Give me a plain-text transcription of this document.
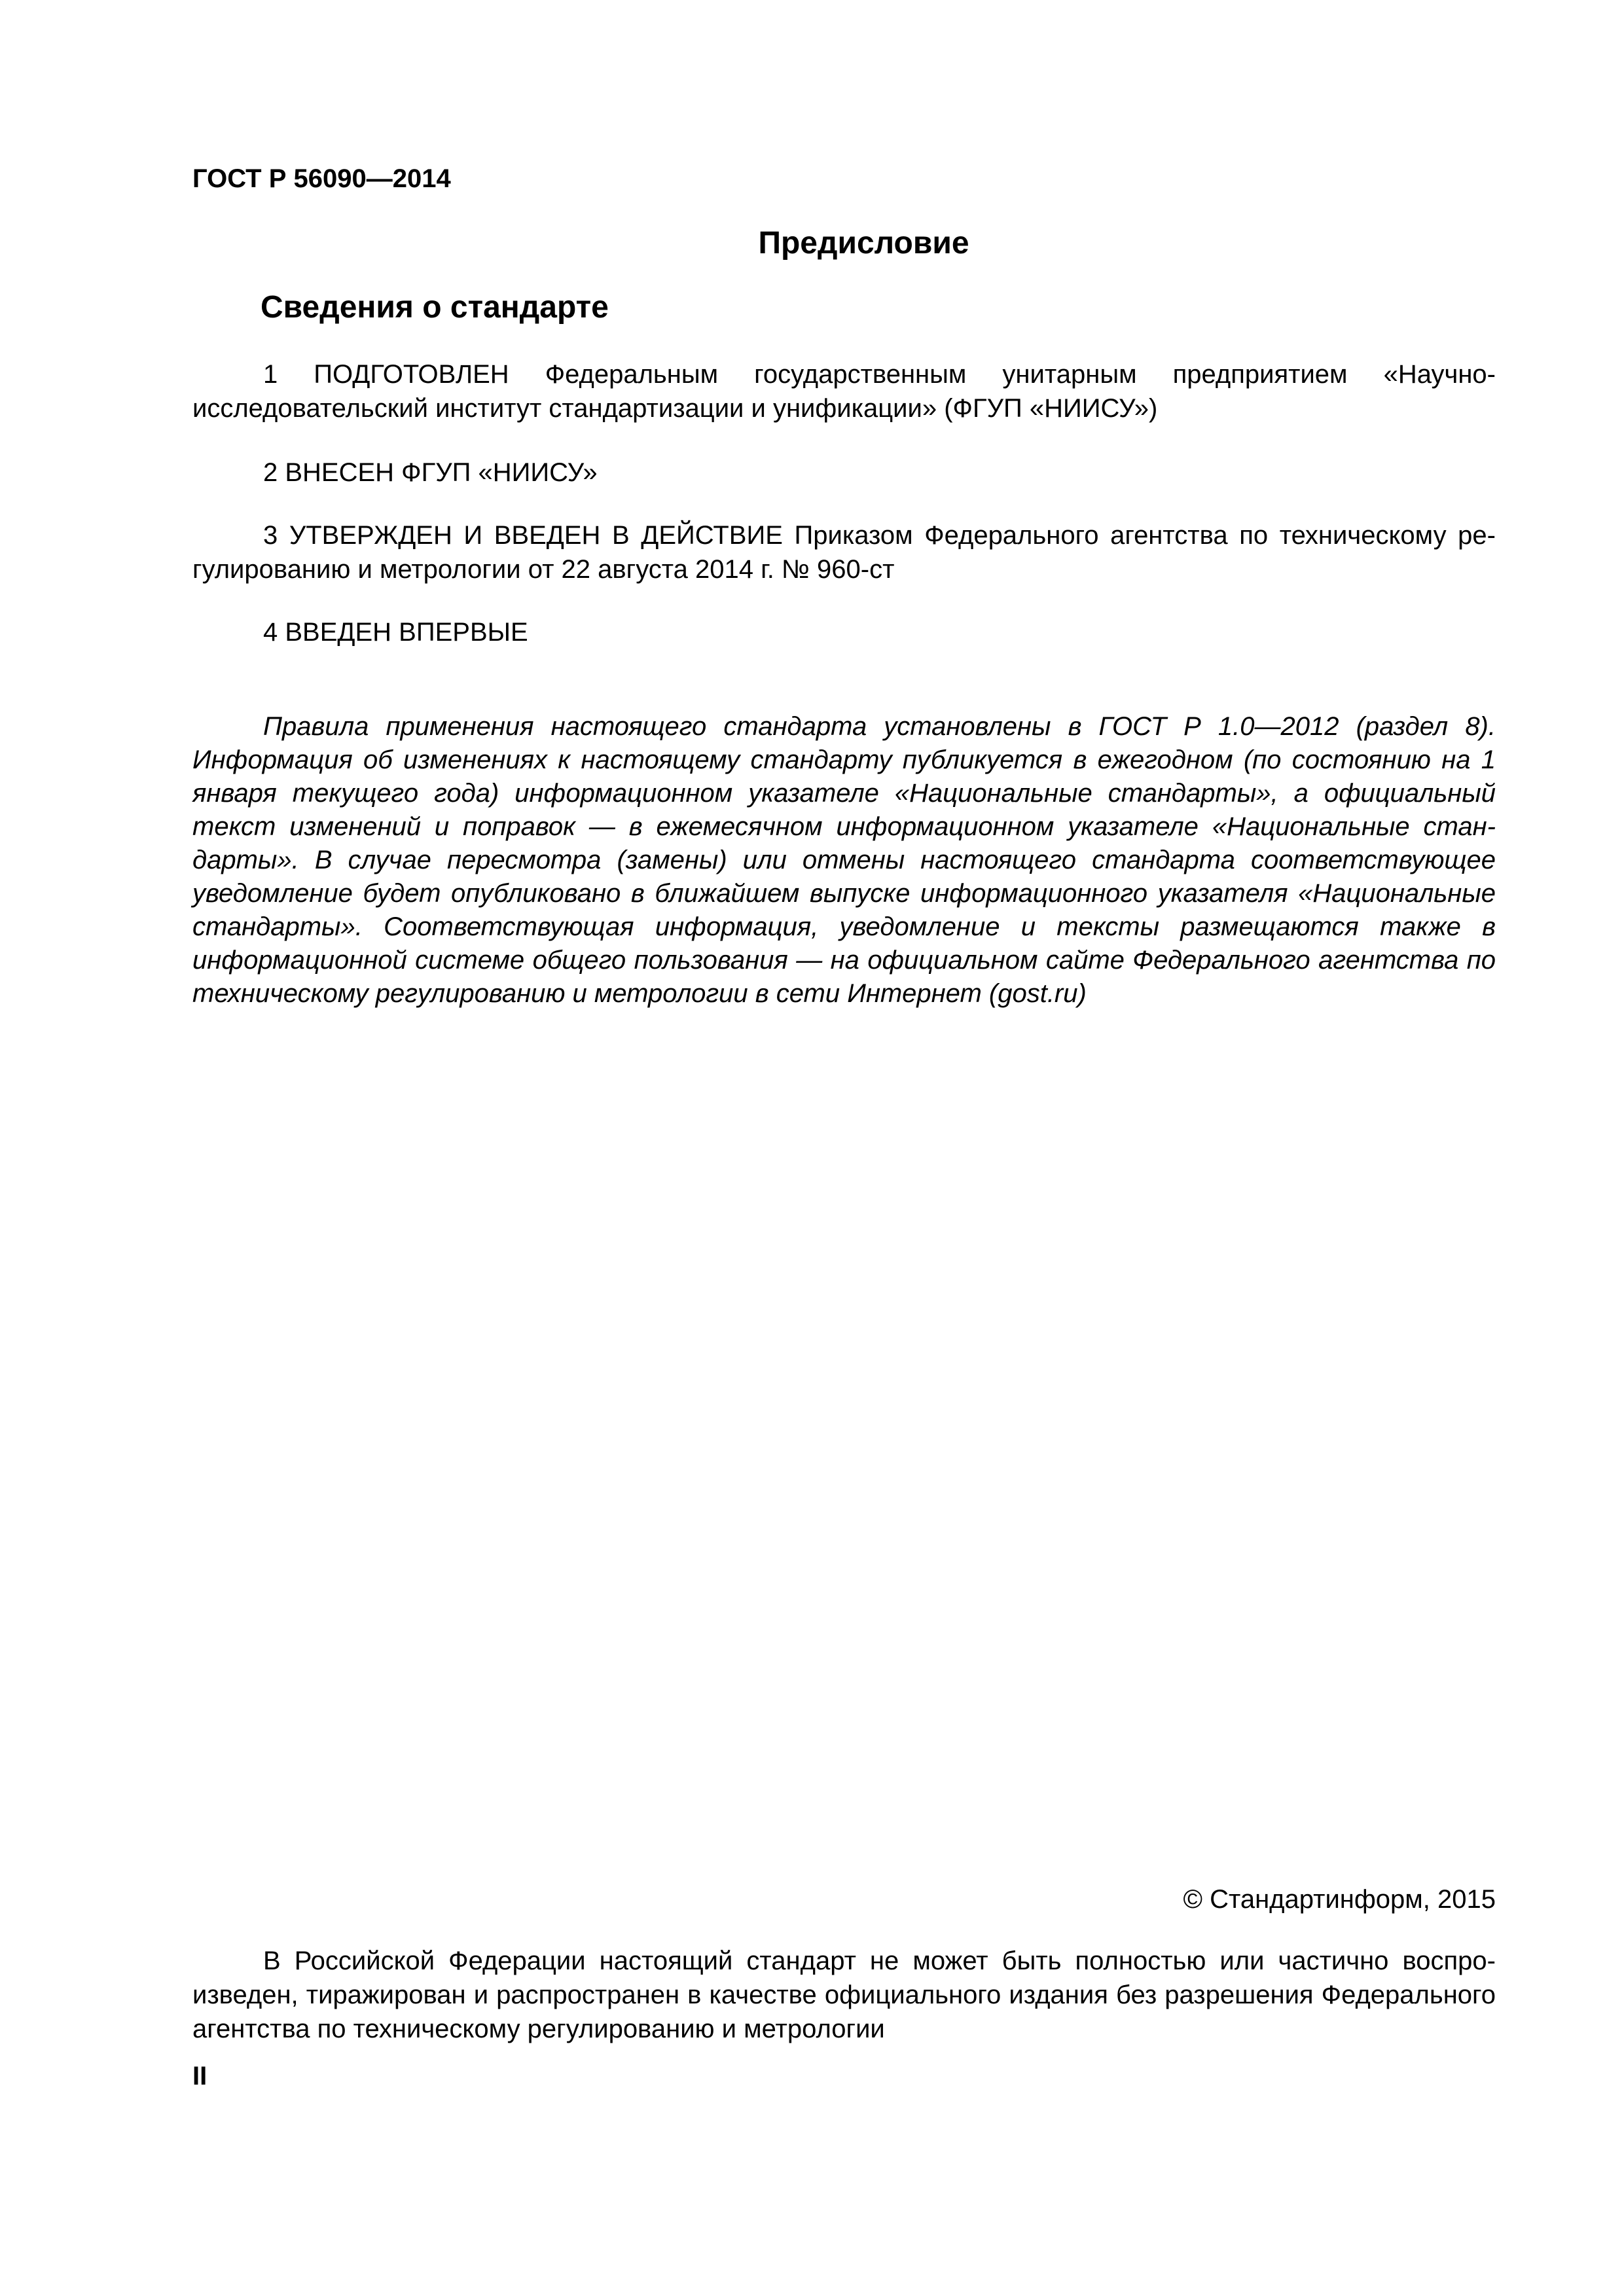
ГОСТ Р 56090—2014
Предисловие
Сведения о стандарте
1 ПОДГОТОВЛЕН Федеральным государственным унитарным предприятием «Научно-исследовательский институт стандартизации и унификации» (ФГУП «НИИСУ»)
2 ВНЕСЕН ФГУП «НИИСУ»
3 УТВЕРЖДЕН И ВВЕДЕН В ДЕЙСТВИЕ Приказом Федерального агентства по техническому регулированию и метрологии от 22 августа 2014 г. № 960-ст
4 ВВЕДЕН ВПЕРВЫЕ
Правила применения настоящего стандарта установлены в ГОСТ Р 1.0—2012 (раздел 8). Информация об изменениях к настоящему стандарту публикуется в ежегодном (по состоянию на 1 января текущего года) информационном указателе «Национальные стандарты», а официальный текст изменений и поправок — в ежемесячном информационном указателе «Национальные стандарты». В случае пересмотра (замены) или отмены настоящего стандарта соответствующее уведомление будет опубликовано в ближайшем выпуске информационного указателя «Национальные стандарты». Соответствующая информация, уведомление и тексты размещаются также в информационной системе общего пользования — на официальном сайте Федерального агентства по техническому регулированию и метрологии в сети Интернет (gost.ru)
© Стандартинформ, 2015
В Российской Федерации настоящий стандарт не может быть полностью или частично воспроизведен, тиражирован и распространен в качестве официального издания без разрешения Федерального агентства по техническому регулированию и метрологии
II
